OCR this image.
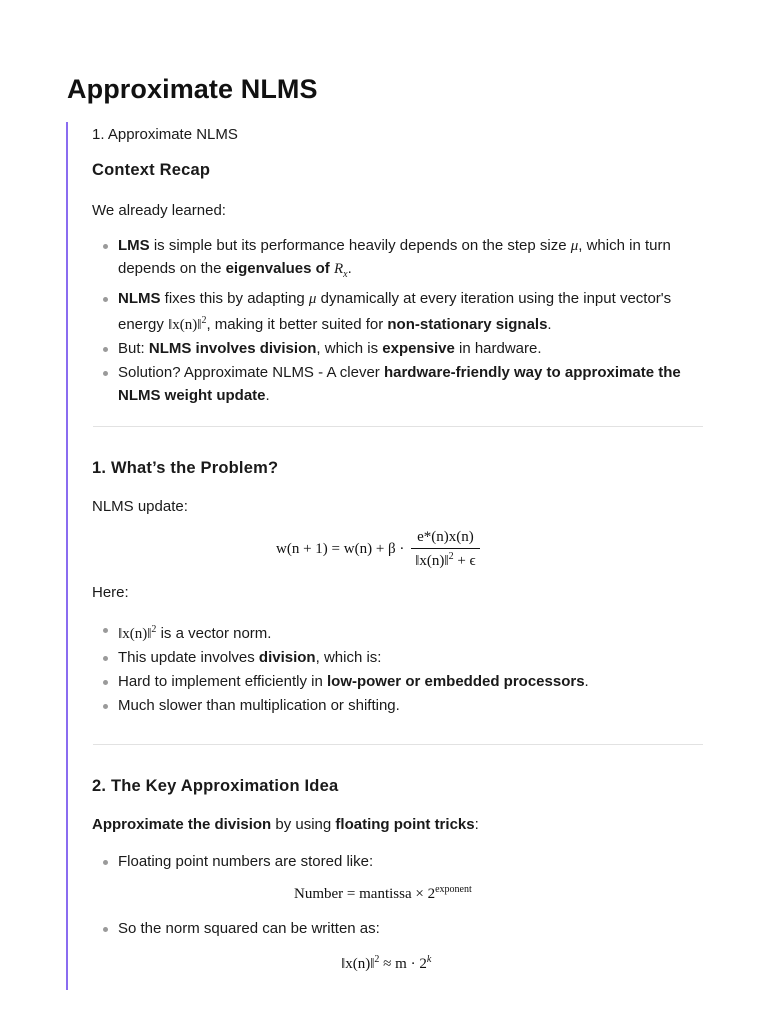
Approximate NLMS

1. Approximate NLMS

Context Recap

We already learned:

LMS is simple but its performance heavily depends on the step size μ, which in turn depends on the eigenvalues of $R_x$.
NLMS fixes this by adapting μ dynamically at every iteration using the input vector's energy ‖x(n)‖$^2$, making it better suited for non-stationary signals.
But: NLMS involves division, which is expensive in hardware.
Solution? Approximate NLMS - A clever hardware-friendly way to approximate the NLMS weight update.
1. What’s the Problem?

NLMS update:

$w(n + 1) = w(n) + \beta \cdot \frac{e*(n)x(n)}{‖x(n)‖^2 + \epsilon}$

Here:

‖x(n)‖$^2$ is a vector norm.
This update involves division, which is:
Hard to implement efficiently in low-power or embedded processors.
Much slower than multiplication or shifting.
2. The Key Approximation Idea

Approximate the division by using floating point tricks:

Floating point numbers are stored like:
Number = mantissa × $2^{exponent}$
So the norm squared can be written as:
‖x(n)‖$^2$ ≈ $m \cdot 2^k$
